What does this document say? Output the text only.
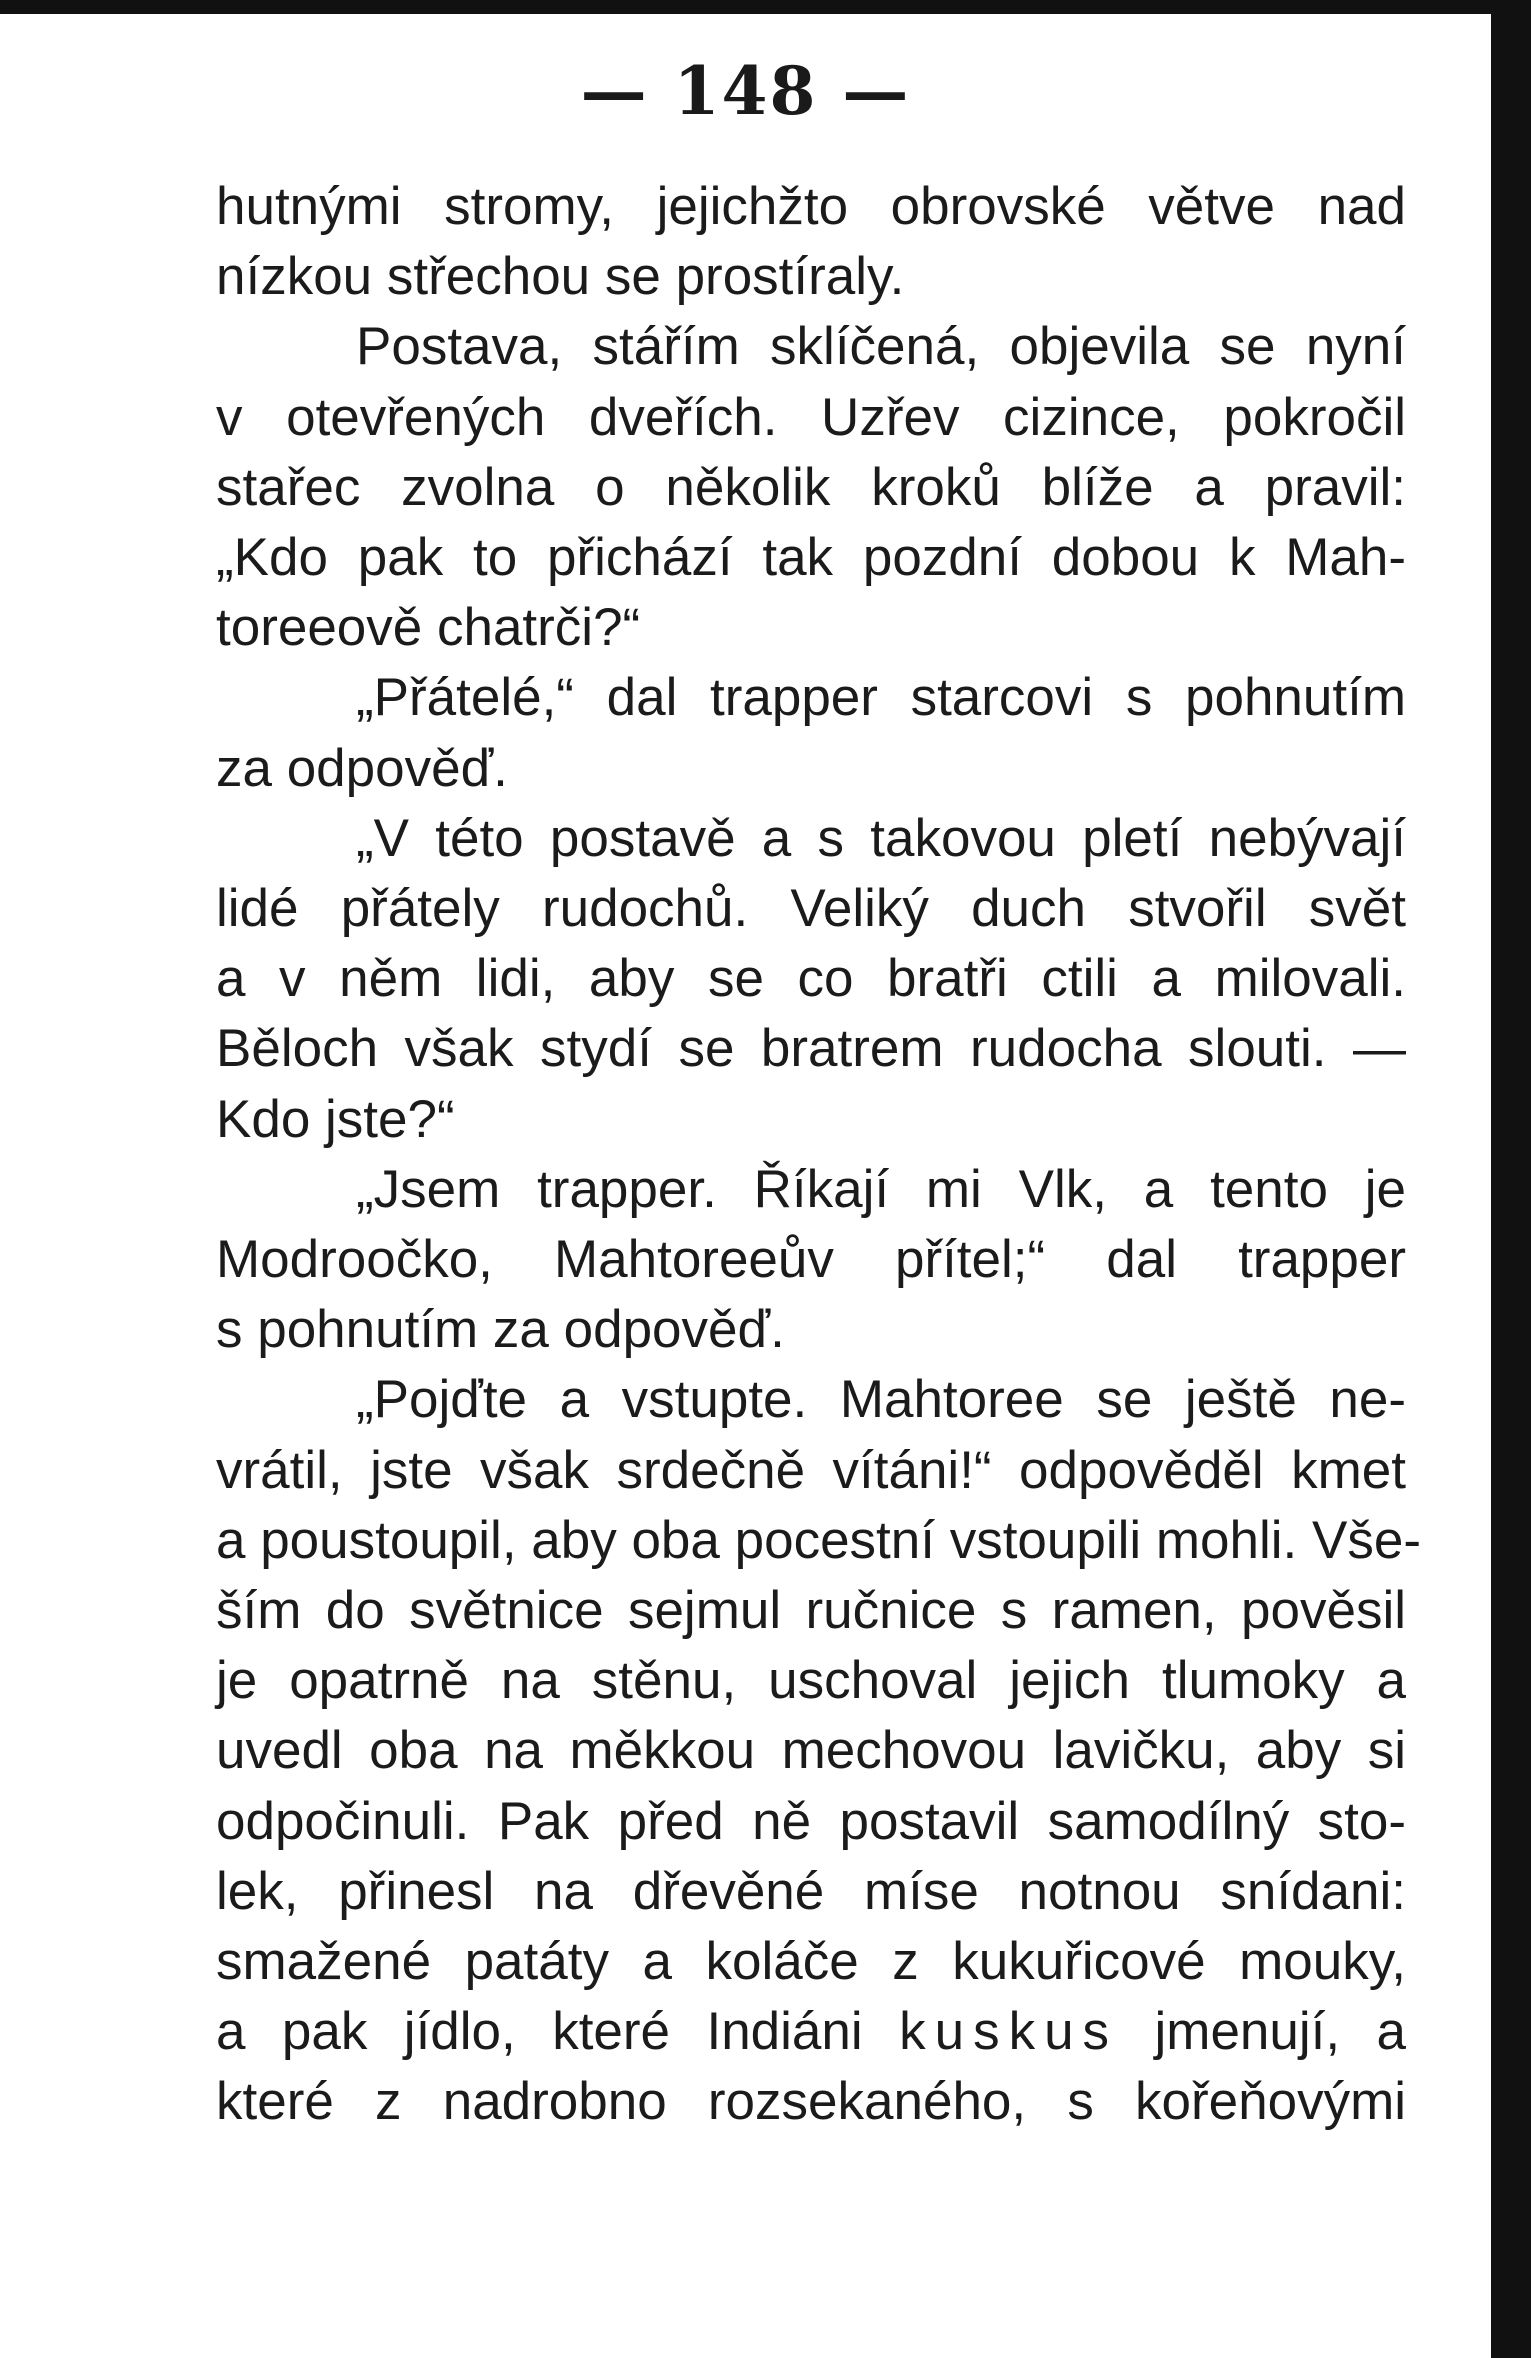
— 148 —
hutnými stromy, jejichžto obrovské větve nad
nízkou střechou se prostíraly.
Postava, stářím sklíčená, objevila se nyní
v otevřených dveřích. Uzřev cizince, pokročil
stařec zvolna o několik kroků blíže a pravil:
„Kdo pak to přichází tak pozdní dobou k Mah-
toreeově chatrči?“
„Přátelé,“ dal trapper starcovi s pohnutím
za odpověď.
„V této postavě a s takovou pletí nebývají
lidé přátely rudochů. Veliký duch stvořil svět
a v něm lidi, aby se co bratři ctili a milovali.
Běloch však stydí se bratrem rudocha slouti. —
Kdo jste?“
„Jsem trapper. Říkají mi Vlk, a tento je
Modroočko, Mahtoreeův přítel;“ dal trapper
s pohnutím za odpověď.
„Pojďte a vstupte. Mahtoree se ještě ne-
vrátil, jste však srdečně vítáni!“ odpověděl kmet
a poustoupil, aby oba pocestní vstoupili mohli. Vše-
ším do světnice sejmul ručnice s ramen, pověsil
je opatrně na stěnu, uschoval jejich tlumoky a
uvedl oba na měkkou mechovou lavičku, aby si
odpočinuli. Pak před ně postavil samodílný sto-
lek, přinesl na dřevěné míse notnou snídani:
smažené patáty a koláče z kukuřicové mouky,
a pak jídlo, které Indiáni kuskus jmenují, a
které z nadrobno rozsekaného, s kořeňovými
